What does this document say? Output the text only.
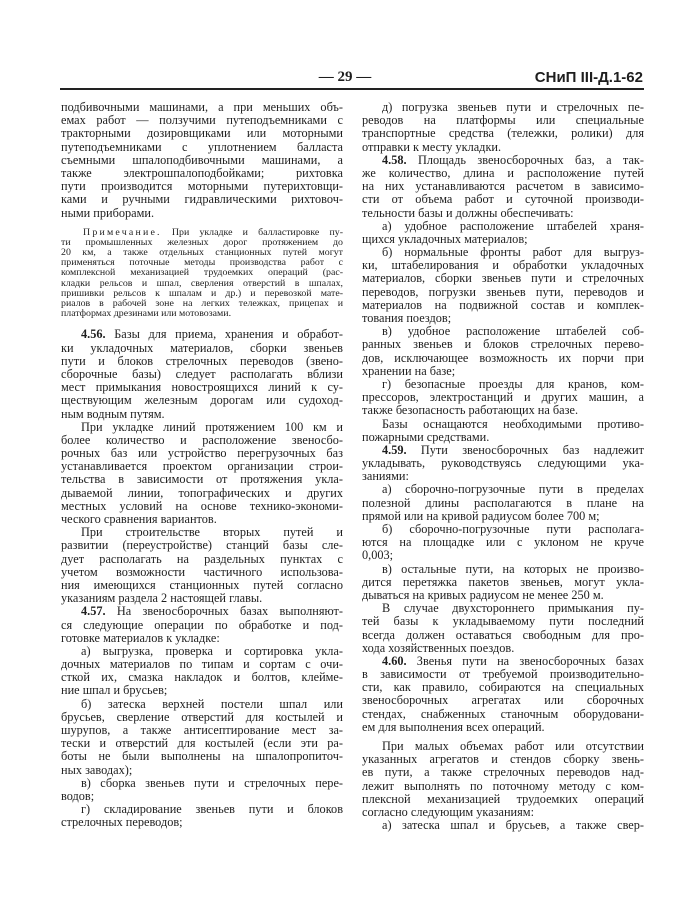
— 29 —	СНиП III-Д.1-62
подбивочными машинами, а при меньших объ-
емах работ — ползучими путеподъемниками с
тракторными дозировщиками или моторными
путеподъемниками с уплотнением балласта
съемными шпалоподбивочными машинами, а
также электрошпалоподбойками; рихтовка
пути производится моторными путерихтовщи-
ками и ручными гидравлическими рихтовоч-
ными приборами.
Примечание. При укладке и балластировке пу-
ти промышленных железных дорог протяжением до
20 км, а также отдельных станционных путей могут
применяться поточные методы производства работ с
комплексной механизацией трудоемких операций (рас-
кладки рельсов и шпал, сверления отверстий в шпалах,
пришивки рельсов к шпалам и др.) и перевозкой мате-
риалов в рабочей зоне на легких тележках, прицепах и
платформах дрезинами или мотовозами.
4.56. Базы для приема, хранения и обработ-
ки укладочных материалов, сборки звеньев
пути и блоков стрелочных переводов (звено-
сборочные базы) следует располагать вблизи
мест примыкания новостроящихся линий к су-
ществующим железным дорогам или судоход-
ным водным путям.
При укладке линий протяжением 100 км и
более количество и расположение звеносбо-
рочных баз или устройство перегрузочных баз
устанавливается проектом организации строи-
тельства в зависимости от протяжения укла-
дываемой линии, топографических и других
местных условий на основе технико-экономи-
ческого сравнения вариантов.
При строительстве вторых путей и
развитии (переустройстве) станций базы сле-
дует располагать на раздельных пунктах с
учетом возможности частичного использова-
ния имеющихся станционных путей согласно
указаниям раздела 2 настоящей главы.
4.57. На звеносборочных базах выполняют-
ся следующие операции по обработке и под-
готовке материалов к укладке:
а) выгрузка, проверка и сортировка укла-
дочных материалов по типам и сортам с очи-
сткой их, смазка накладок и болтов, клейме-
ние шпал и брусьев;
б) затеска верхней постели шпал или
брусьев, сверление отверстий для костылей и
шурупов, а также антисептирование мест за-
тески и отверстий для костылей (если эти ра-
боты не были выполнены на шпалопропиточ-
ных заводах);
в) сборка звеньев пути и стрелочных пере-
водов;
г) складирование звеньев пути и блоков
стрелочных переводов;
д) погрузка звеньев пути и стрелочных пе-
реводов на платформы или специальные
транспортные средства (тележки, ролики) для
отправки к месту укладки.
4.58. Площадь звеносборочных баз, а так-
же количество, длина и расположение путей
на них устанавливаются расчетом в зависимо-
сти от объема работ и суточной производи-
тельности базы и должны обеспечивать:
а) удобное расположение штабелей храня-
щихся укладочных материалов;
б) нормальные фронты работ для выгруз-
ки, штабелирования и обработки укладочных
материалов, сборки звеньев пути и стрелочных
переводов, погрузки звеньев пути, переводов и
материалов на подвижной состав и комплек-
тования поездов;
в) удобное расположение штабелей соб-
ранных звеньев и блоков стрелочных перево-
дов, исключающее возможность их порчи при
хранении на базе;
г) безопасные проезды для кранов, ком-
прессоров, электростанций и других машин, а
также безопасность работающих на базе.
Базы оснащаются необходимыми противо-
пожарными средствами.
4.59. Пути звеносборочных баз надлежит
укладывать, руководствуясь следующими ука-
заниями:
а) сборочно-погрузочные пути в пределах
полезной длины располагаются в плане на
прямой или на кривой радиусом более 700 м;
б) сборочно-погрузочные пути располага-
ются на площадке или с уклоном не круче
0,003;
в) остальные пути, на которых не произво-
дится перетяжка пакетов звеньев, могут укла-
дываться на кривых радиусом не менее 250 м.
В случае двухстороннего примыкания пу-
тей базы к укладываемому пути последний
всегда должен оставаться свободным для про-
хода хозяйственных поездов.
4.60. Звенья пути на звеносборочных базах
в зависимости от требуемой производительно-
сти, как правило, собираются на специальных
звеносборочных агрегатах или сборочных
стендах, снабженных станочным оборудовани-
ем для выполнения всех операций.
При малых объемах работ или отсутствии
указанных агрегатов и стендов сборку звень-
ев пути, а также стрелочных переводов над-
лежит выполнять по поточному методу с ком-
плексной механизацией трудоемких операций
согласно следующим указаниям:
а) затеска шпал и брусьев, а также свер-
